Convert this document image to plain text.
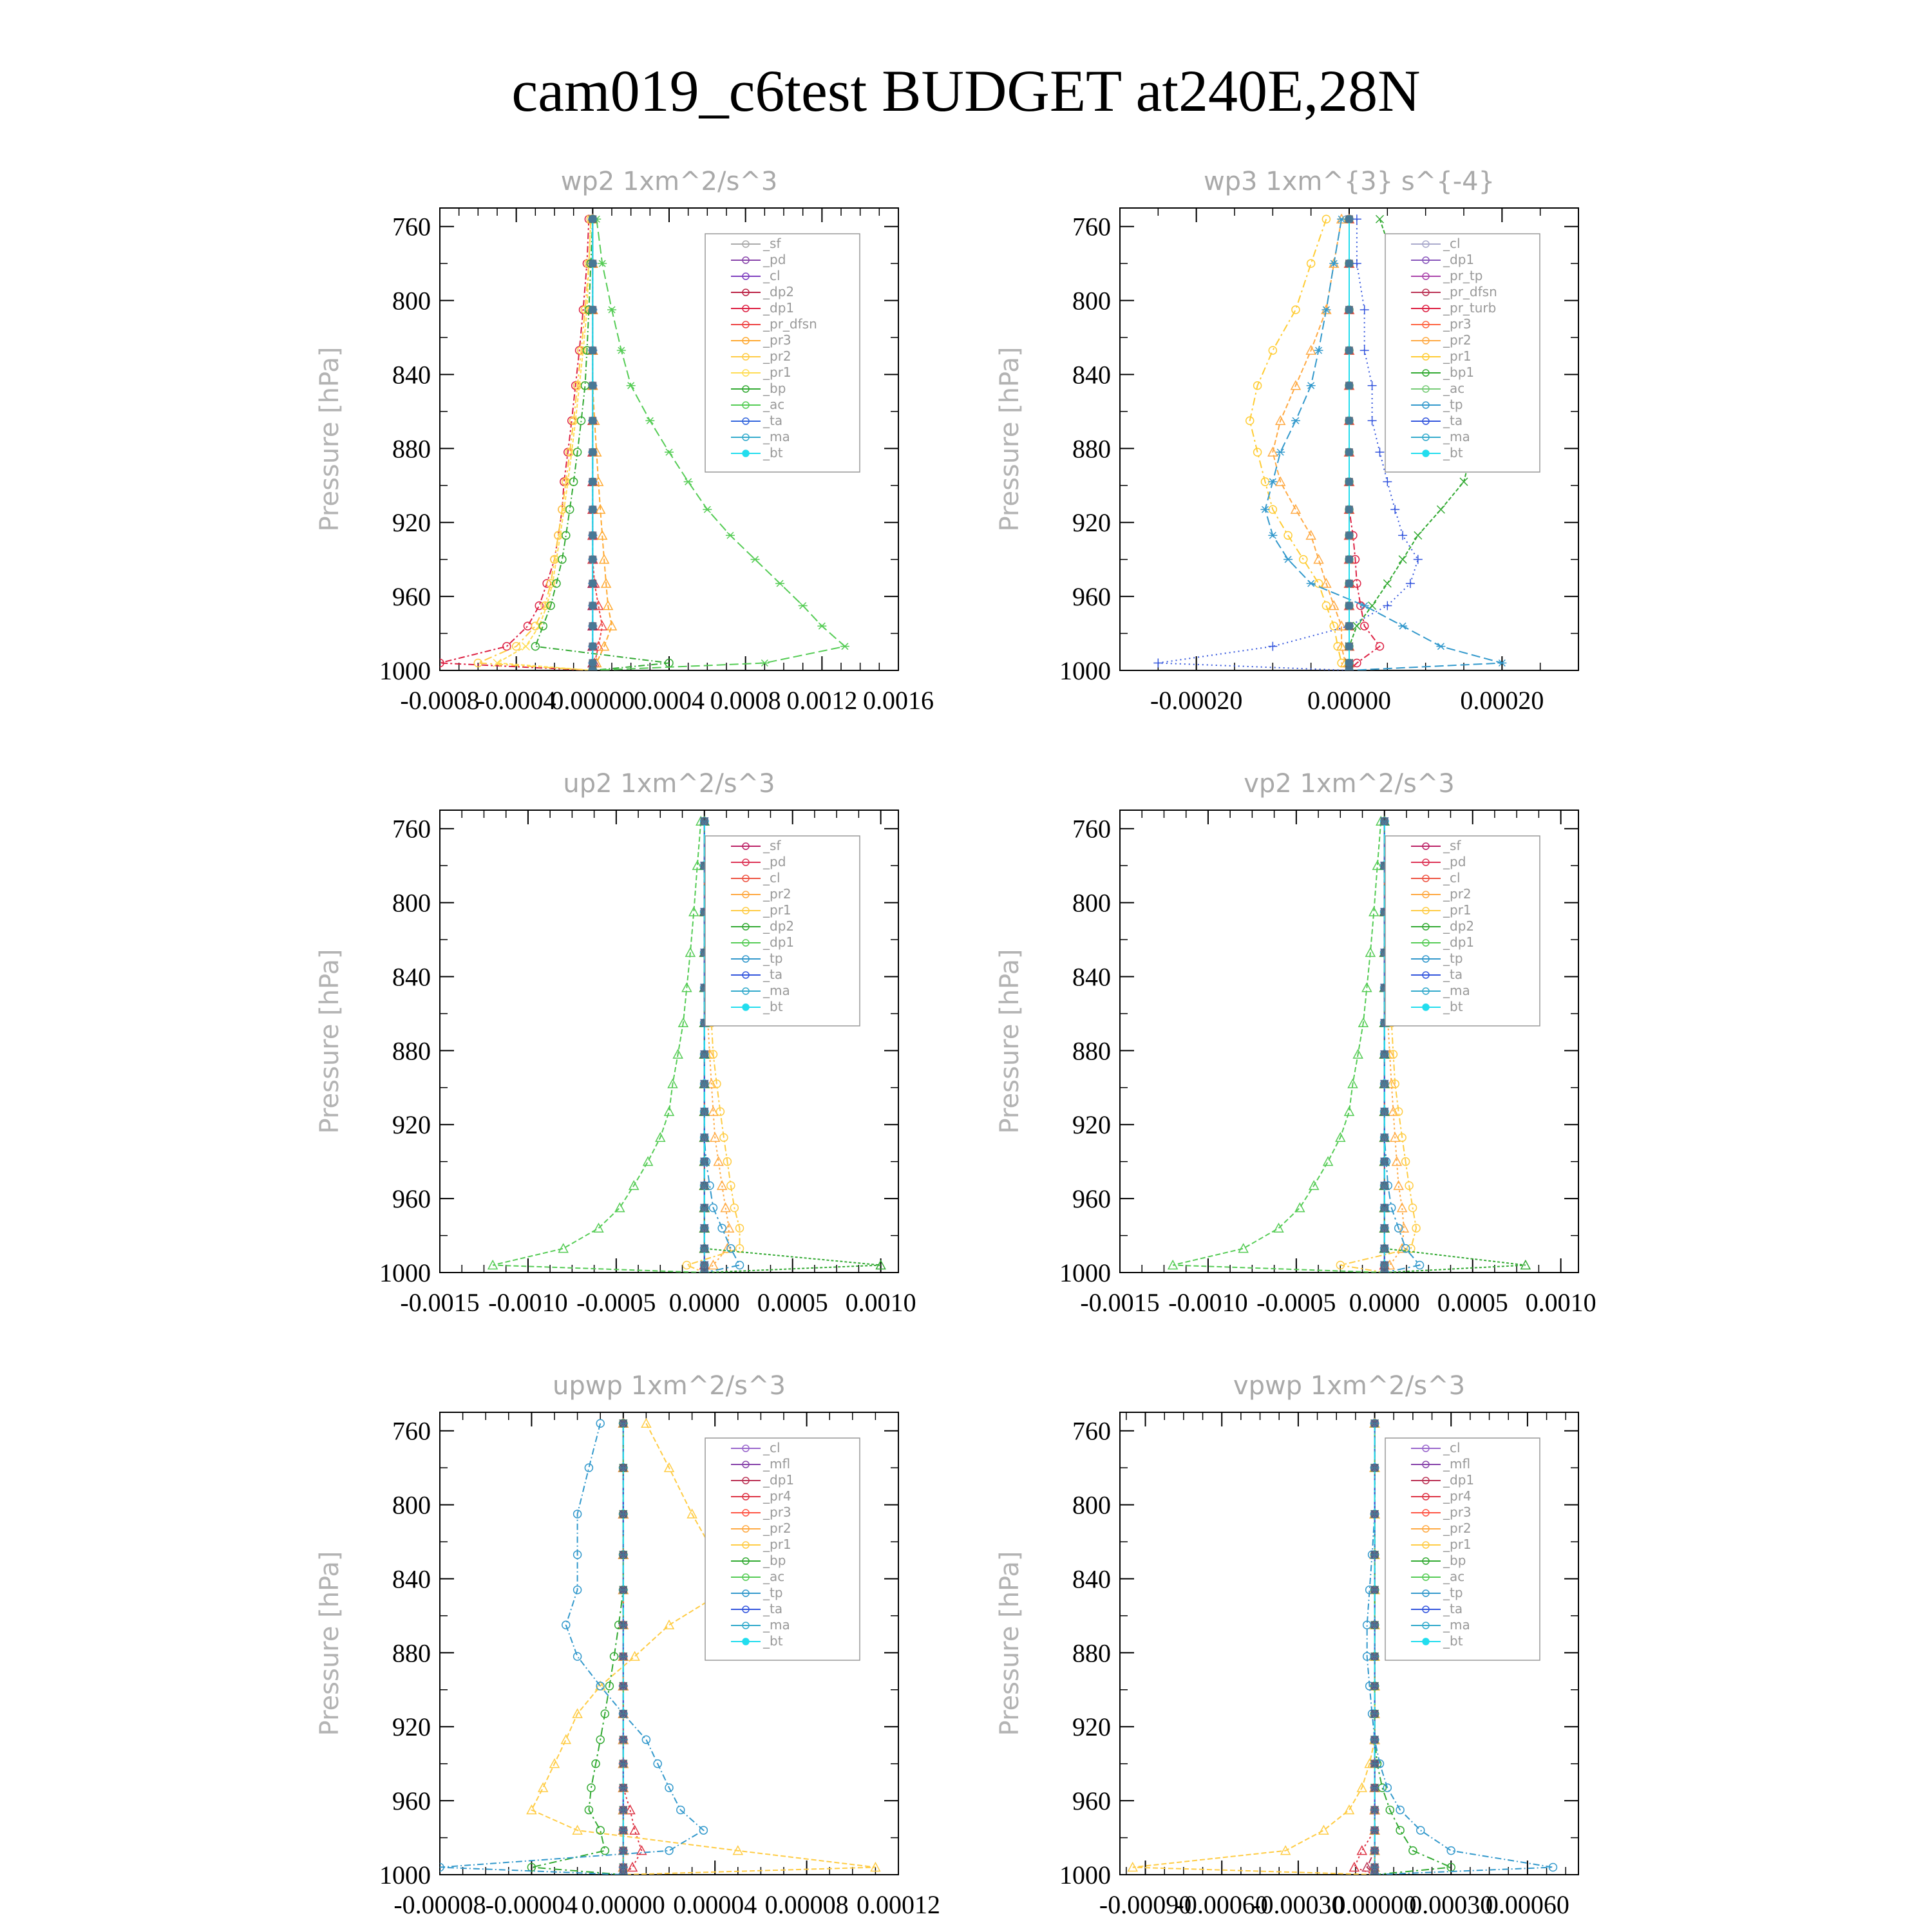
cam019_c6test BUDGET at240E,28N
wp2 1xm^2/s^3
Pressure [hPa]
760
800
840
880
920
960
1000
-0.0008
-0.0004
0.00000
0.0004 0.0008 0.0012 0.0016
_sf
_pd
_cl
_dp2
_dp1
_pr_dfsn
_pr3
_pr2
_pr1
_bp
_ac
_ta
_ma
_bt
wp3 1xm^{3} s^{-4}
Pressure [hPa]
760
800
840
880
920
960
1000
-0.00020	0.00000	0.00020
_cl
_dp1
_pr_tp
_pr_dfsn
_pr_turb
_pr3
_pr2
_pr1
_bp1
_ac
_tp
_ta
_ma
_bt
up2 1xm^2/s^3
Pressure [hPa]
760
800
840
880
920
960
1000
-0.0015 -0.0010 -0.0005 0.0000 0.0005 0.0010
_sf
_pd
_cl
_pr2
_pr1
_dp2
_dp1
_tp
_ta
_ma
_bt
vp2 1xm^2/s^3
Pressure [hPa]
760
800
840
880
920
960
1000
-0.0015 -0.0010 -0.0005 0.0000 0.0005 0.0010
_sf
_pd
_cl
_pr2
_pr1
_dp2
_dp1
_tp
_ta
_ma
_bt
upwp 1xm^2/s^3
Pressure [hPa]
760
800
840
880
920
960
1000
-0.00008 -0.00004 0.00000 0.00004 0.00008 0.00012
_cl
_mfl
_dp1
_pr4
_pr3
_pr2
_pr1
_bp
_ac
_tp
_ta
_ma
_bt
vpwp 1xm^2/s^3
Pressure [hPa]
760
800
840
880
920
960
1000
-0.00090
-0.00060
-0.00030
0.00000
0.00030
0.00060
_cl
_mfl
_dp1
_pr4
_pr3
_pr2
_pr1
_bp
_ac
_tp
_ta
_ma
_bt
